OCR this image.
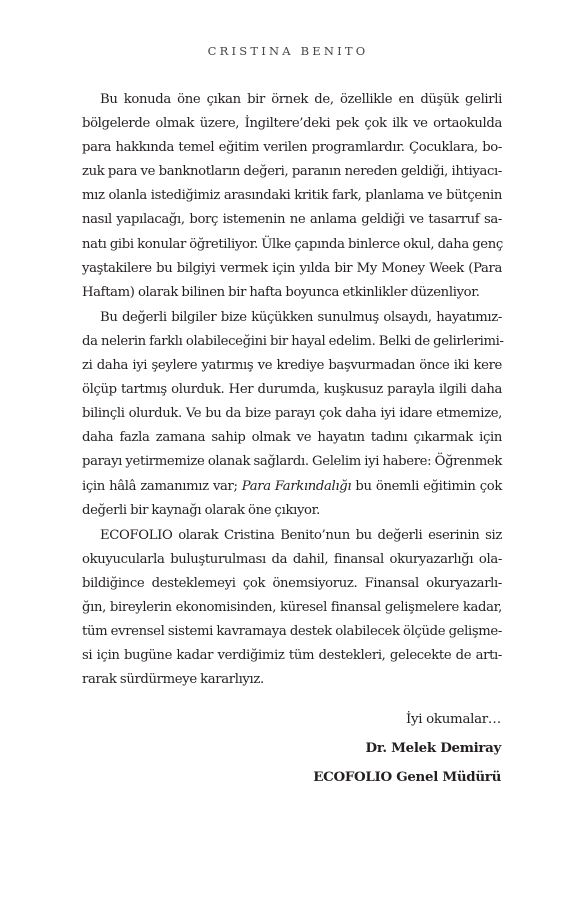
CRISTINA BENITO
Bu konuda öne çıkan bir örnek de, özellikle en düşük gelirli
bölgelerde olmak üzere, İngiltere’deki pek çok ilk ve ortaokulda
para hakkında temel eğitim verilen programlardır. Çocuklara, bo-
zuk para ve banknotların değeri, paranın nereden geldiği, ihtiyacı-
mız olanla istediğimiz arasındaki kritik fark, planlama ve bütçenin
nasıl yapılacağı, borç istemenin ne anlama geldiği ve tasarruf sa-
natı gibi konular öğretiliyor. Ülke çapında binlerce okul, daha genç
yaştakilere bu bilgiyi vermek için yılda bir My Money Week (Para
Haftam) olarak bilinen bir hafta boyunca etkinlikler düzenliyor.
Bu değerli bilgiler bize küçükken sunulmuş olsaydı, hayatımız-
da nelerin farklı olabileceğini bir hayal edelim. Belki de gelirlerimi-
zi daha iyi şeylere yatırmış ve krediye başvurmadan önce iki kere
ölçüp tartmış olurduk. Her durumda, kuşkusuz parayla ilgili daha
bilinçli olurduk. Ve bu da bize parayı çok daha iyi idare etmemize,
daha fazla zamana sahip olmak ve hayatın tadını çıkarmak için
parayı yetirmemize olanak sağlardı. Gelelim iyi habere: Öğrenmek
için hâlâ zamanımız var; Para Farkındalığı bu önemli eğitimin çok
değerli bir kaynağı olarak öne çıkıyor.
ECOFOLIO olarak Cristina Benito’nun bu değerli eserinin siz
okuyucularla buluşturulması da dahil, finansal okuryazarlığı ola-
bildiğince desteklemeyi çok önemsiyoruz. Finansal okuryazarlı-
ğın, bireylerin ekonomisinden, küresel finansal gelişmelere kadar,
tüm evrensel sistemi kavramaya destek olabilecek ölçüde gelişme-
si için bugüne kadar verdiğimiz tüm destekleri, gelecekte de artı-
rarak sürdürmeye kararlıyız.
İyi okumalar…
Dr. Melek Demiray
ECOFOLIO Genel Müdürü
